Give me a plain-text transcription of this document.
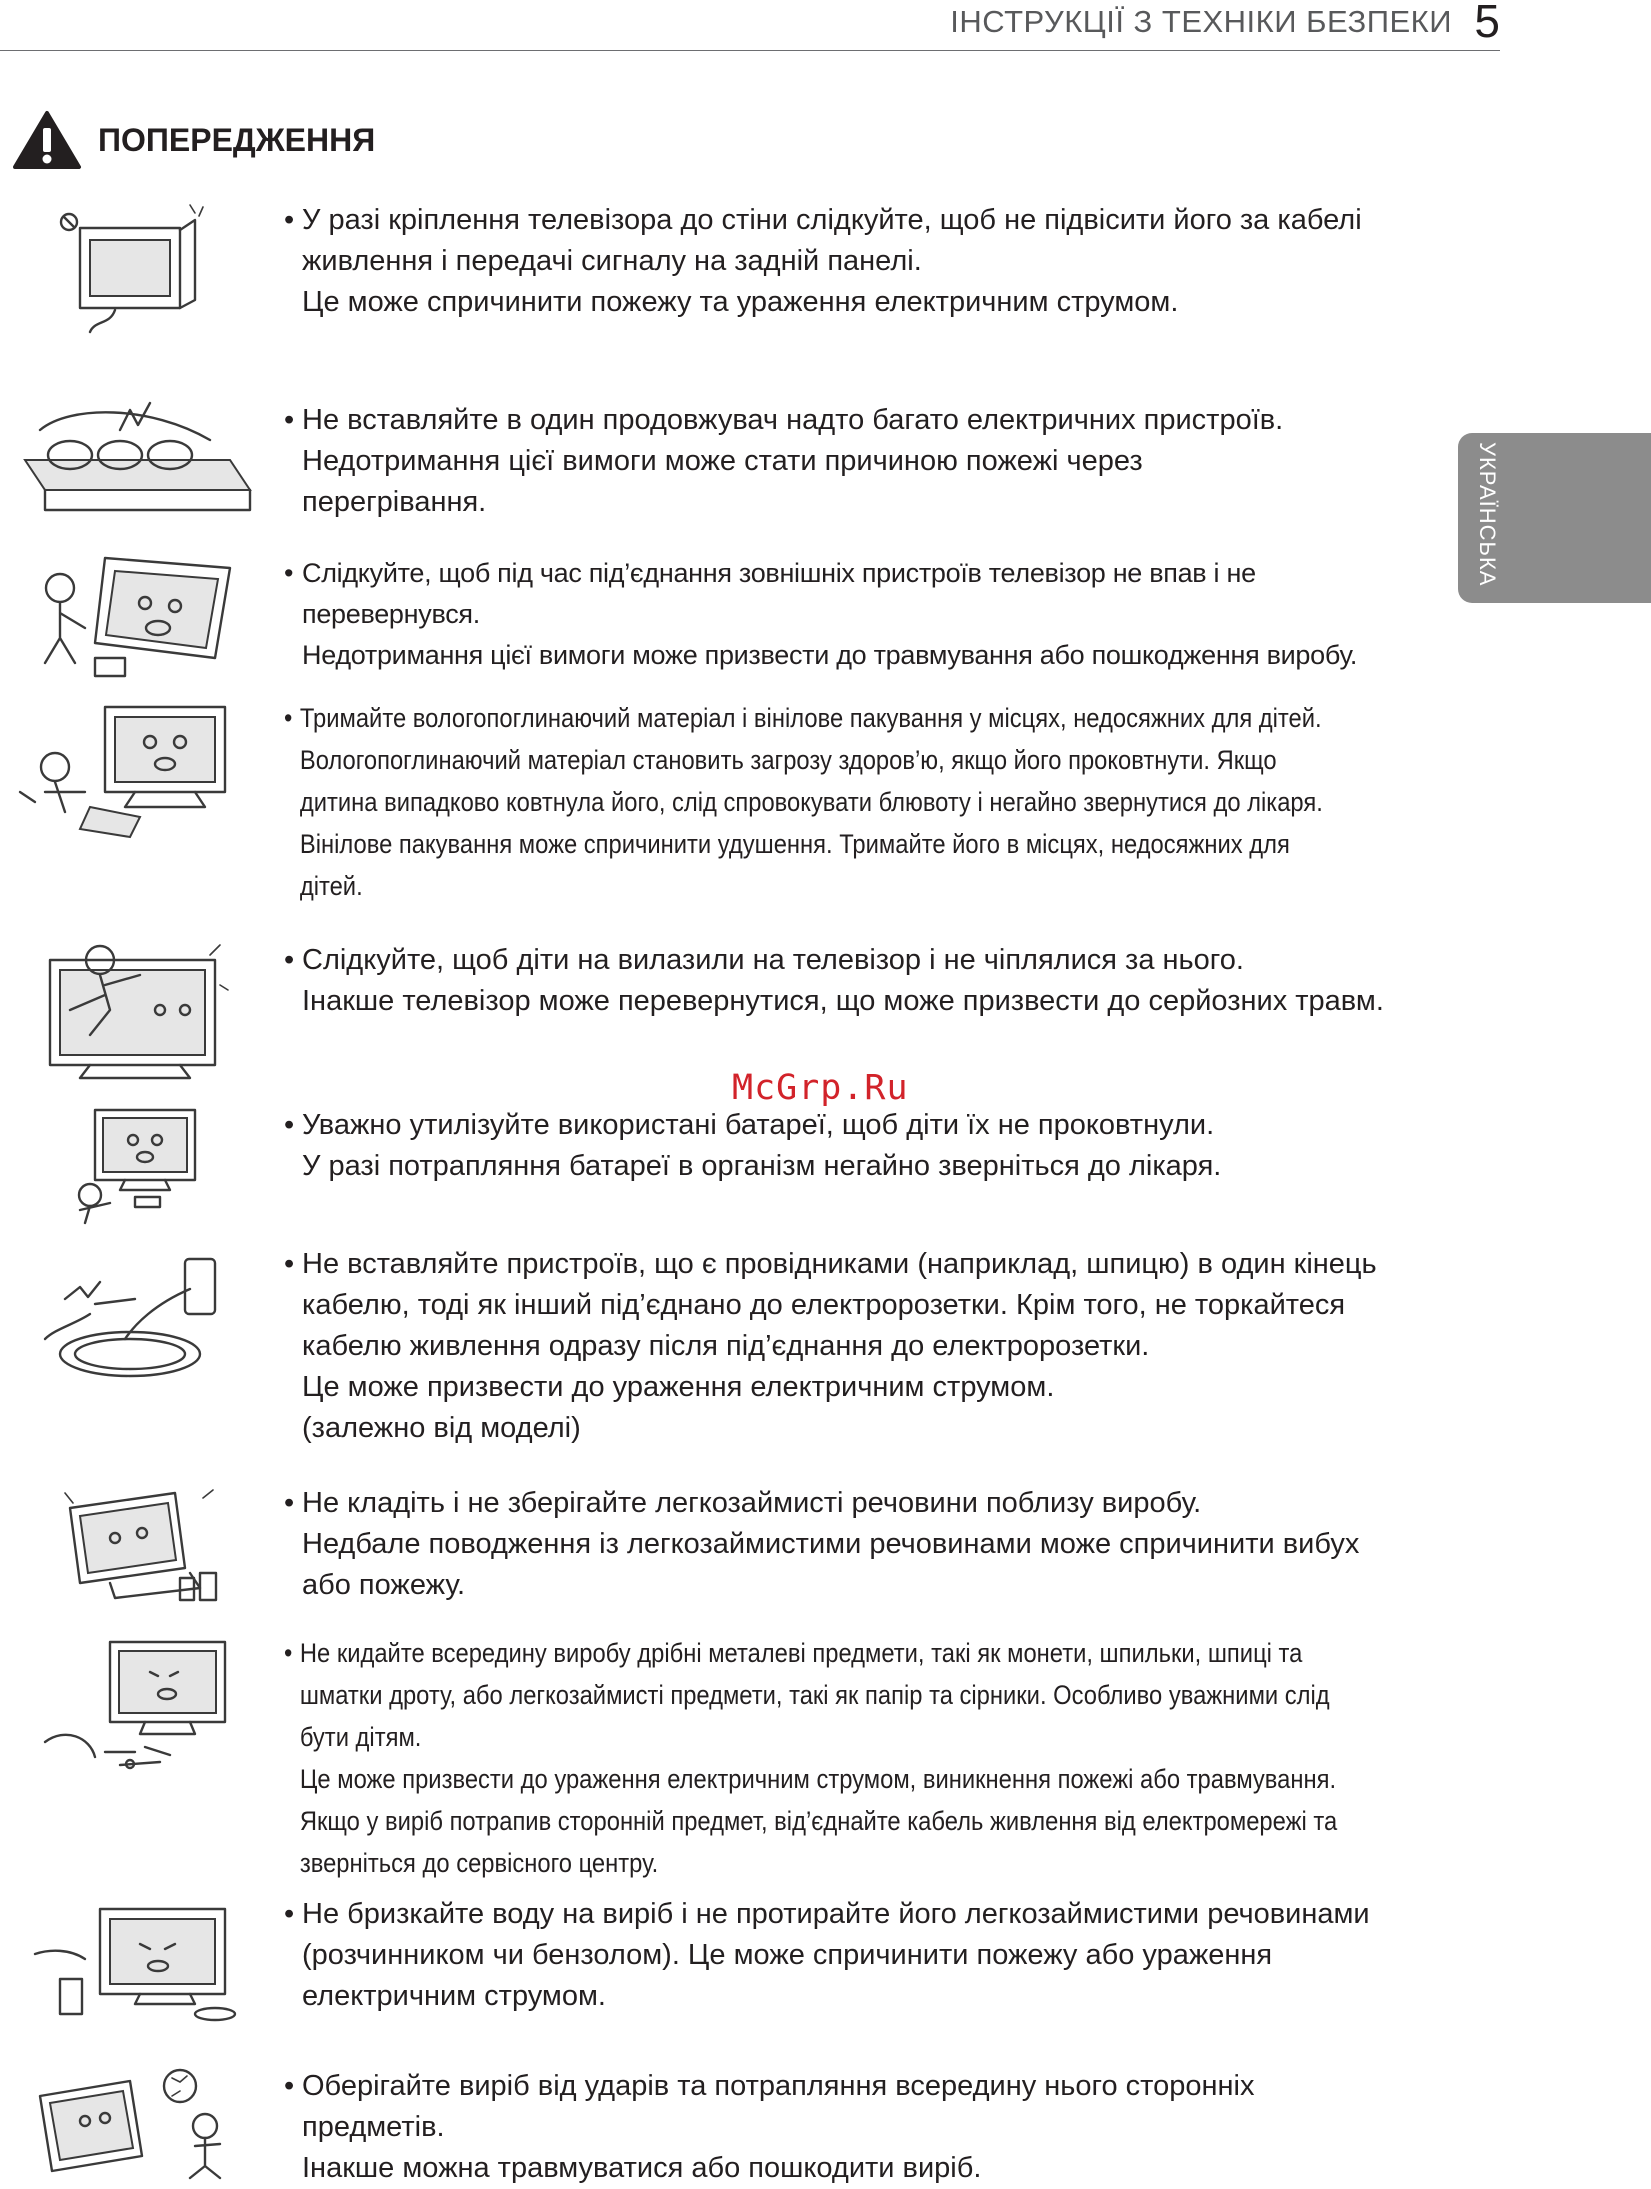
ІНСТРУКЦІЇ З ТЕХНІКИ БЕЗПЕКИ 5
УКРАЇНСЬКА
ПОПЕРЕДЖЕННЯ
• У разі кріплення телевізора до стіни слідкуйте, щоб не підвісити його за кабелі
живлення і передачі сигналу на задній панелі.
Це може спричинити пожежу та ураження електричним струмом.
• Не вставляйте в один продовжувач надто багато електричних пристроїв.
Недотримання цієї вимоги може стати причиною пожежі через
перегрівання.
• Слідкуйте, щоб під час під’єднання зовнішніх пристроїв телевізор не впав і не
перевернувся.
Недотримання цієї вимоги може призвести до травмування або пошкодження виробу.
• Тримайте вологопоглинаючий матеріал і вінілове пакування у місцях, недосяжних для дітей.
Вологопоглинаючий матеріал становить загрозу здоров’ю, якщо його проковтнути. Якщо
дитина випадково ковтнула його, слід спровокувати блювоту і негайно звернутися до лікаря.
Вінілове пакування може спричинити удушення. Тримайте його в місцях, недосяжних для
дітей.
• Слідкуйте, щоб діти на вилазили на телевізор і не чіплялися за нього.
Інакше телевізор може перевернутися, що може призвести до серйозних травм.
McGrp.Ru
• Уважно утилізуйте використані батареї, щоб діти їх не проковтнули.
У разі потрапляння батареї в організм негайно зверніться до лікаря.
• Не вставляйте пристроїв, що є провідниками (наприклад, шпицю) в один кінець
кабелю, тоді як інший під’єднано до електророзетки. Крім того, не торкайтеся
кабелю живлення одразу після під’єднання до електророзетки.
Це може призвести до ураження електричним струмом.
(залежно від моделі)
• Не кладіть і не зберігайте легкозаймисті речовини поблизу виробу.
Недбале поводження із легкозаймистими речовинами може спричинити вибух
або пожежу.
• Не кидайте всередину виробу дрібні металеві предмети, такі як монети, шпильки, шпиці та
шматки дроту, або легкозаймисті предмети, такі як папір та сірники. Особливо уважними слід
бути дітям.
Це може призвести до ураження електричним струмом, виникнення пожежі або травмування.
Якщо у виріб потрапив сторонній предмет, від’єднайте кабель живлення від електромережі та
зверніться до сервісного центру.
• Не бризкайте воду на виріб і не протирайте його легкозаймистими речовинами
(розчинником чи бензолом). Це може спричинити пожежу або ураження
електричним струмом.
• Оберігайте виріб від ударів та потрапляння всередину нього сторонніх
предметів.
Інакше можна травмуватися або пошкодити виріб.
